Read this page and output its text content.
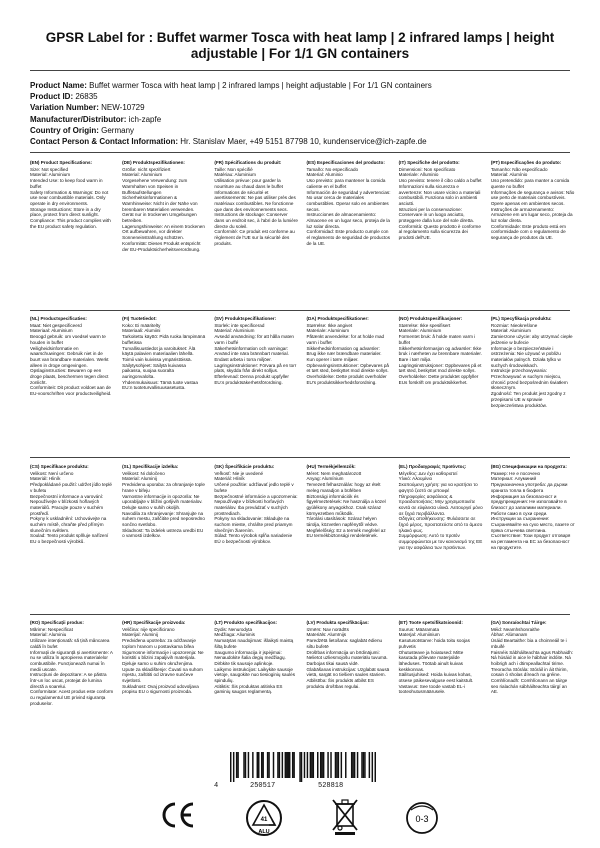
GPSR Label for : Buffet warmer Tosca with heat lamp | 2 infrared lamps | height adjustable | For 1/1 GN containers
Product Name: Buffet warmer Tosca with heat lamp | 2 infrared lamps | height adjustable | For 1/1 GN containers
Product ID: 26835
Variation Number: NEW-10729
Manufacturer/Distributor: ich-zapfe
Country of Origin: Germany
Contact Person & Contact Information: Hr. Stanislav Maer, +49 5151 87798 10, kundenservice@ich-zapfe.de
(EN) Product Specifications:

Size: Not specified

Material: Aluminium

Intended Use: to keep food warm in buffet

Safety Information & Warnings: Do not use near combustible materials. Only operate in dry environments.

Storage Instructions: Store in a dry place, protect from direct sunlight.

Compliance: This product complies with the EU product safety regulation.

(DE) Produktspezifikationen:

Größe: nicht spezifiziert

Material: Aluminium

Vorgesehene Verwendung: zum Warmhalten von Speisen in Buffetaufstellungen

Sicherheitsinformationen & Warnhinweise: Nicht in der Nähe von brennbaren Materialien verwenden. Gerät nur in trockenen Umgebungen betreiben.

Lagerungshinweise: An einem trockenen Ort aufbewahren, vor direkter Sonneneinstrahlung schützen.

Konformität: Dieses Produkt entspricht der EU-Produktsicherheitsverordnung.

(FR) Spécifications du produit:

Taille: Non spécifié

Matériau: Aluminium

Utilisation prévue: pour garder la nourriture au chaud dans le buffet

Informations de sécurité et avertissements: Ne pas utiliser près des matériaux combustibles. Ne fonctionne que dans des environnements secs.

Instructions de stockage: Conserver dans un endroit sec, à l'abri de la lumière directe du soleil.

Conformité: Ce produit est conforme au règlement de l'UE sur la sécurité des produits.

(ES) Especificaciones del producto:

Tamaño: No especificado

Material: Aluminio

Uso previsto: para mantener la comida caliente en el buffet

Información de seguridad y advertencias: No usar cerca de materiales combustibles. Operar solo en ambientes secos.

Instrucciones de almacenamiento: Almacene en un lugar seco, proteja de la luz solar directa.

Conformidad: Este producto cumple con el reglamento de seguridad de productos de la UE.

(IT) Specifiche del prodotto:

Dimensioni: Non specificato

Materiale: Alluminio

Uso previsto: tenere il cibo caldo a buffet

Informazioni sulla sicurezza e avvertenze: Non usare vicino a materiali combustibili. Funziona solo in ambienti asciutti.

Istruzioni per la conservazione: Conservare in un luogo asciutto, proteggere dalla luce del sole diretta.

Conformità: Questo prodotto è conforme al regolamento sulla sicurezza dei prodotti dell'UE.

(PT) Especificações do produto:

Tamanho: Não especificado

Material: Alumínio

Uso pretendido: para manter a comida quente no buffet

Informações de segurança e avisos: Não use perto de materiais combustíveis. Opere apenas em ambientes secos.

Instruções de armazenamento: Armazene em um lugar seco, proteja da luz solar direta.

Conformidade: Este produto está em conformidade com o regulamento de segurança de produtos da UE.

(NL) Productspecificaties:

Maat: Niet gespecificeerd

Materiaal: Aluminium

Beoogd gebruik: om voedsel warm te houden in buffet

Veiligheidsinformatie en waarschuwingen: Gebruik niet in de buurt van brandbare materialen. Werkt alleen in droge omgevingen.

Opslaginstructies: Bewaren op een droge plaats, beschermen tegen direct zonlicht.

Conformiteit: Dit product voldoet aan de EU-voorschriften voor productveiligheid.

(FI) Tuotetiedot:

Koko: Ei määritelty

Materiaali: Alumiini

Tarkoitettu käyttö: Pidä ruoka lämpimänä buffetissa

Turvallisuustiedot ja varoitukset: Älä käytä palavien materiaalien lähellä. Toimii vain kuivissa ympäristöissä.

Säilytysohjeet: Säilytä kuivassa paikassa, suojaa suoralta auringonvalolta.

Yhdenmukaisuus: Tämä tuote vastaa EU:n tuoteturvallisuusasetusta.

(SV) Produktspecifikationer:

Storlek: inte specificerad

Material: Aluminium

Avsedd användning: för att hålla maten varm i buffé

Säkerhetsinformation och varningar: Använd inte nära brännbart material. Endast arbeta i torra miljöer.

Lagringsinstruktioner: Förvara på en torr plats, skydda från direkt solljus.

Efterlevnad: Denna produkt uppfyller EU:s produktsäkerhetsförordning.

(DA) Produktspecifikationer:

Størrelse: Ikke angivet

Materiale: Aluminium

Påtænkt anvendelse: for at holde mad varm i buffet

Sikkerhedsinformation og advarsler: Brug ikke nær brændbare materialer. Kun operer i tørre miljøer.

Opbevaringsinstruktioner: Opbevares på et tørt sted, beskyttet mod direkte sollys.

Overholdelse: Dette produkt overholder EU's produktsikkerhedsforordning.

(NO) Produktspesifikasjoner:

Størrelse: Ikke spesifisert

Materiale: Aluminium

Formentet bruk: å holde maten varm i buffet

Sikkerhetsinformasjon og advarsler: Ikke bruk i nærheten av brennbare materialer. Bare i tørr miljø.

Lagringsinstruksjoner: Oppbevares på et tørt sted, beskyttet mod direkte sollys.

Overholdelse: Dette produktet oppfyller EUs forskrift om produktsikkerhet.

(PL) Specyfikacja produktu:

Rozmiar: Nieokreślone

Materiał: Aluminium

Zamierzone użycie: aby utrzymać ciepłe jedzenie w bufecie

Informacje o bezpieczeństwie i ostrzeżenia: Nie używać w pobliżu materiałów palnych. Działa tylko w suchych środowiskach.

Instrukcje przechowywania: Przechowywać w suchym miejscu, chronić przed bezpośrednim światłem słonecznym.

Zgodność: Ten produkt jest zgodny z przepisami UE w sprawie bezpieczeństwa produktów.

(CS) Specifikace produktu:

Velikost: Není určeno

Materiál: Hliník

Předpokládané použití: udržet jídlo teplé v bufetu

Bezpečnostní informace a varování: Nepoužívejte v blízkosti hořlavých materiálů. Pracujte pouze v suchém prostředí.

Pokyny k uskladnění: Uchovávejte na suchém místě, chraňte před přímým slunečním světlem.

Soulad: Tento produkt splňuje nařízení EU o bezpečnosti výrobků.

(SL) Specifikacije izdelka:

Velikost: Ni določeno

Material: Aluminij

Predvidena uporaba: za ohranjanje tople hrane v bifeju

Varnostne informacije in opozorila: Ne uporabljajte v bližini gorljivih materialov. Delujte samo v suhih okoljih.

Navodila za shranjevanje: Shranjujte na suhem mestu, zaščitite pred neposredno sončno svetlobo.

Skladnost: Ta izdelek ustreza uredbi EU o varnosti izdelkov.

(SK) Špecifikácie produktu:

Veľkosť: Nie je uvedené

Materiál: Hliník

Určené použitie: udržiavať jedlo teplé v bufete

Bezpečnostné informácie a upozornenia: Nepoužívajte v blízkosti horľavých materiálov. Iba prevádzať v suchých prostrediach.

Pokyny na skladovanie: Skladujte na suchom mieste, chráňte pred priamym slnečným žiarením.

Súlad: Tento výrobok spĺňa nariadenie EÚ o bezpečnosti výrobkov.

(HU) Termékjellemzők:

Méret: Nem meghatározott

Anyag: Alumínium

Tervezett felhasználás: hogy az ételt meleg maradjon a büfében

Biztonsági információk és figyelmeztetések: Ne használja a közel gyúlékony anyagokhoz. Csak száraz környezetben működik.

Tárolási utasítások: Száraz helyen tárolja, közvetlen napfénytől védve.

Megfelelőség: Ez a termék megfelel az EU termékbiztonsági rendeletének.

(EL) Προδιαγραφές προϊόντος:

Μέγεθος: Δεν έχει καθοριστεί

Υλικό: Αλουμίνιο

Σκοπούμενη χρήση: για να κρατήσει το φαγητό ζεστό σε μπουφέ

Πληροφορίες ασφάλειας & προειδοποιήσεις: Μην χρησιμοποιείτε κοντά σε εύφλεκτα υλικά. Λειτουργεί μόνο σε ξηρά περιβάλλοντα.

Οδηγίες αποθήκευσης: Φυλάσσετε σε ξηρό μέρος, προστατεύστε από το άμεσο ηλιακό φως.

Συμμόρφωση: Αυτό το προϊόν συμμορφώνεται με τον κανονισμό της ΕΕ για την ασφάλεια των προϊόντων.

(BG) Спецификации на продукта:

Размер: Не е посочено

Материал: Алуминий

Предназначена употреба: да държи храната топла в бюфета

Информация за безопасност и предупреждения: Не използвайте в близост до запалими материали. Работи само в сухи среди.

Инструкции за съхранение: Съхранявайте на сухо място, пазете от пряка слънчева светлина.

Съответствие: Този продукт отговаря на регламента на ЕС за безопасност на продуктите.

(RO) Specificații produs:

Mărime: Nespecificat

Material: Aluminiu

Utilizare intenționată: să țină mâncarea caldă în bufet

Informații de siguranță și avertismente: A nu se utiliza în apropierea materialelor combustibile. Funcționează numai în medii uscate.

Instrucțiuni de depozitare: A se păstra într-un loc uscat, protejat de lumina directă a soarelui.

Conformitate: Acest produs este conform cu regulamentul UE privind siguranța produselor.

(HR) Specifikacije proizvoda:

Veličina: nije specificirano

Materijal: Aluminij

Predviđena upotreba: za održavanje toplom hranom u postavkama bifea

Sigurnosne informacije i upozorenja: Ne koristiti u blizini zapaljivih materijala. Djeluje samo u suhim okruženjima.

Upute za skladištenje: Čuvati na suhom mjestu, zaštititi od izravne sunčeve svjetlosti.

Sukladnost: Ovaj proizvod udovoljava propisu EU o sigurnosti proizvoda.

(LT) Produkto specifikacijos:

Dydis: Nenurodyta

Medžiaga: Aliuminis

Numatytas naudojimas: išlaikyti maistą šiltą bufete

Saugumo informacija ir įspėjimai: Nenaudokite šalia degių medžiagų. Dirbkite tik sausoje aplinkoje.

Laikymo instrukcijos: Laikykite sausoje vietoje, saugokite nuo tiesioginių saulės spindulių.

Atitiktis: Šis produktas atitinka ES gaminių saugos reglamentą.

(LV) Produkta specifikācijas:

Izmērs: Nav norādīts

Materiāls: Alumīnijs

Paredzētā lietošana: saglabāt ēdienu siltu bufetē

Drošības informācija un brīdinājumi: Nelietot uzliesmojošu materiālu tuvumā. Darbojas tikai sausā vidē.

Glabāšanas instrukcijas: Uzglabāt sausā vietā, sargāt no tiešiem saules stariem.

Atbilstība: Šis produkts atbilst ES produktu drošības regulai.

(ET) Toote spetsifikatsioonid:

Suurus: Määramata

Materjal: Alumiinium

Kasutusotstarve: hoida toitu soojas puhvetis

Ohutusteave ja hoiatused: Mitte kasutada põlevate materjalide läheduses. Töötab ainult kuivas keskkonnas.

Säilitusjuhised: Hoida kuivas kohas, otsese päikesevalguse eest kaitstult.

Vastavus: See toode vastab EL-i tooteohutusmäärusele.

(GA) Sonraíochtaí Táirge:

Méid: Neamhshonraithe

Ábhar: Alúmanam

Úsáid Beartaithe: bia a choinneáil te i mbuifé

Faisnéis Sábháilteachta agus Rabhaidh: Ná húsáid in aice le hábhair indóite. Ná hoibrigh ach i dtimpeallachtaí tirime.

Treoracha Stórála: Stóráil in áit thirim, cosain ó sholas díreach na gréine.

Comhlíonadh: Comhlíonann an táirge seo rialachán sábháilteachta táirgí an AE.

4	250517	528818
41
ALU
0-3
